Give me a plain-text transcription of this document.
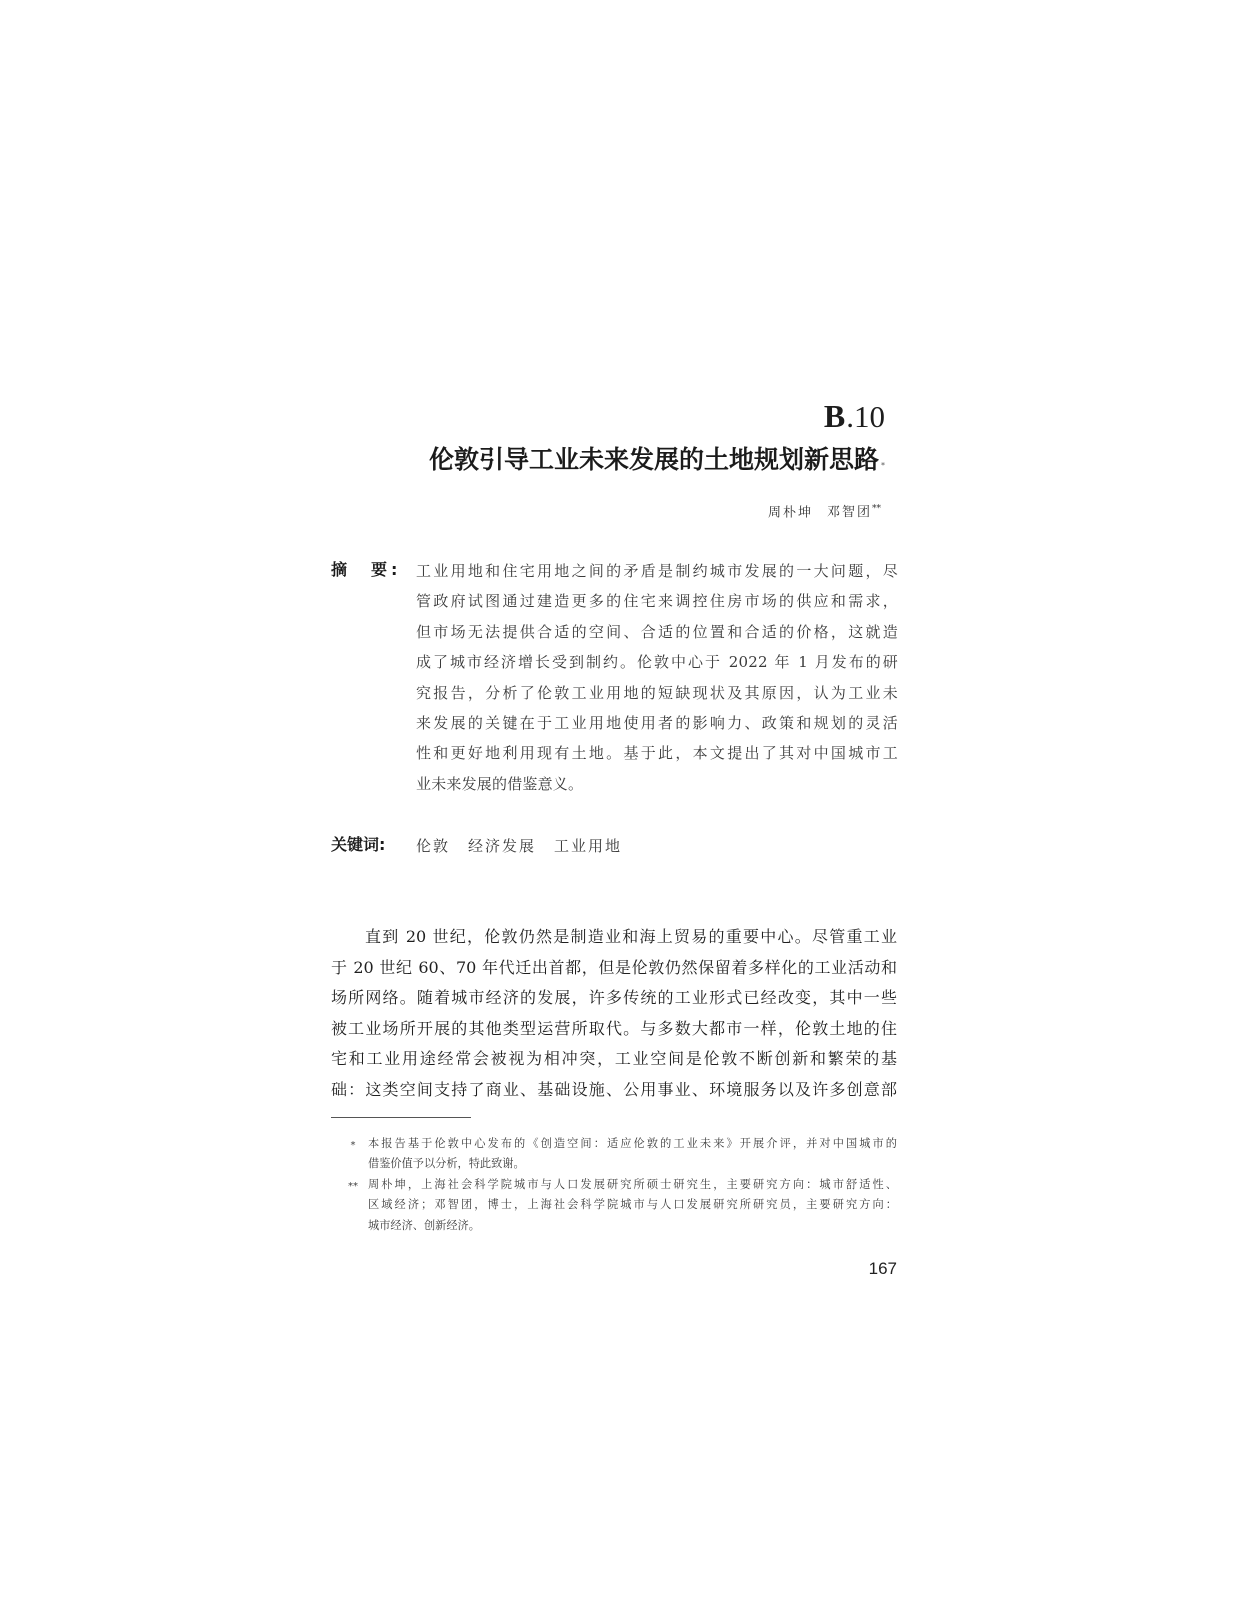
B.10
伦敦引导工业未来发展的土地规划新思路 *
周朴坤 邓智团**
摘　要: 工业用地和住宅用地之间的矛盾是制约城市发展的一大问题，尽
管政府试图通过建造更多的住宅来调控住房市场的供应和需求，
但市场无法提供合适的空间、合适的位置和合适的价格，这就造
成了城市经济增长受到制约。伦敦中心于 2022 年 1 月发布的研
究报告，分析了伦敦工业用地的短缺现状及其原因，认为工业未
来发展的关键在于工业用地使用者的影响力、政策和规划的灵活
性和更好地利用现有土地。基于此，本文提出了其对中国城市工
业未来发展的借鉴意义。
关键词: 伦敦 经济发展 工业用地
直到 20 世纪，伦敦仍然是制造业和海上贸易的重要中心。尽管重工业
于 20 世纪 60、70 年代迁出首都，但是伦敦仍然保留着多样化的工业活动和
场所网络。随着城市经济的发展，许多传统的工业形式已经改变，其中一些
被工业场所开展的其他类型运营所取代。与多数大都市一样，伦敦土地的住
宅和工业用途经常会被视为相冲突，工业空间是伦敦不断创新和繁荣的基
础：这类空间支持了商业、基础设施、公用事业、环境服务以及许多创意部
*	本报告基于伦敦中心发布的《创造空间：适应伦敦的工业未来》开展介评，并对中国城市的
借鉴价值予以分析，特此致谢。
** 周朴坤，上海社会科学院城市与人口发展研究所硕士研究生，主要研究方向：城市舒适性、
区域经济；邓智团，博士，上海社会科学院城市与人口发展研究所研究员，主要研究方向：
城市经济、创新经济。
167
